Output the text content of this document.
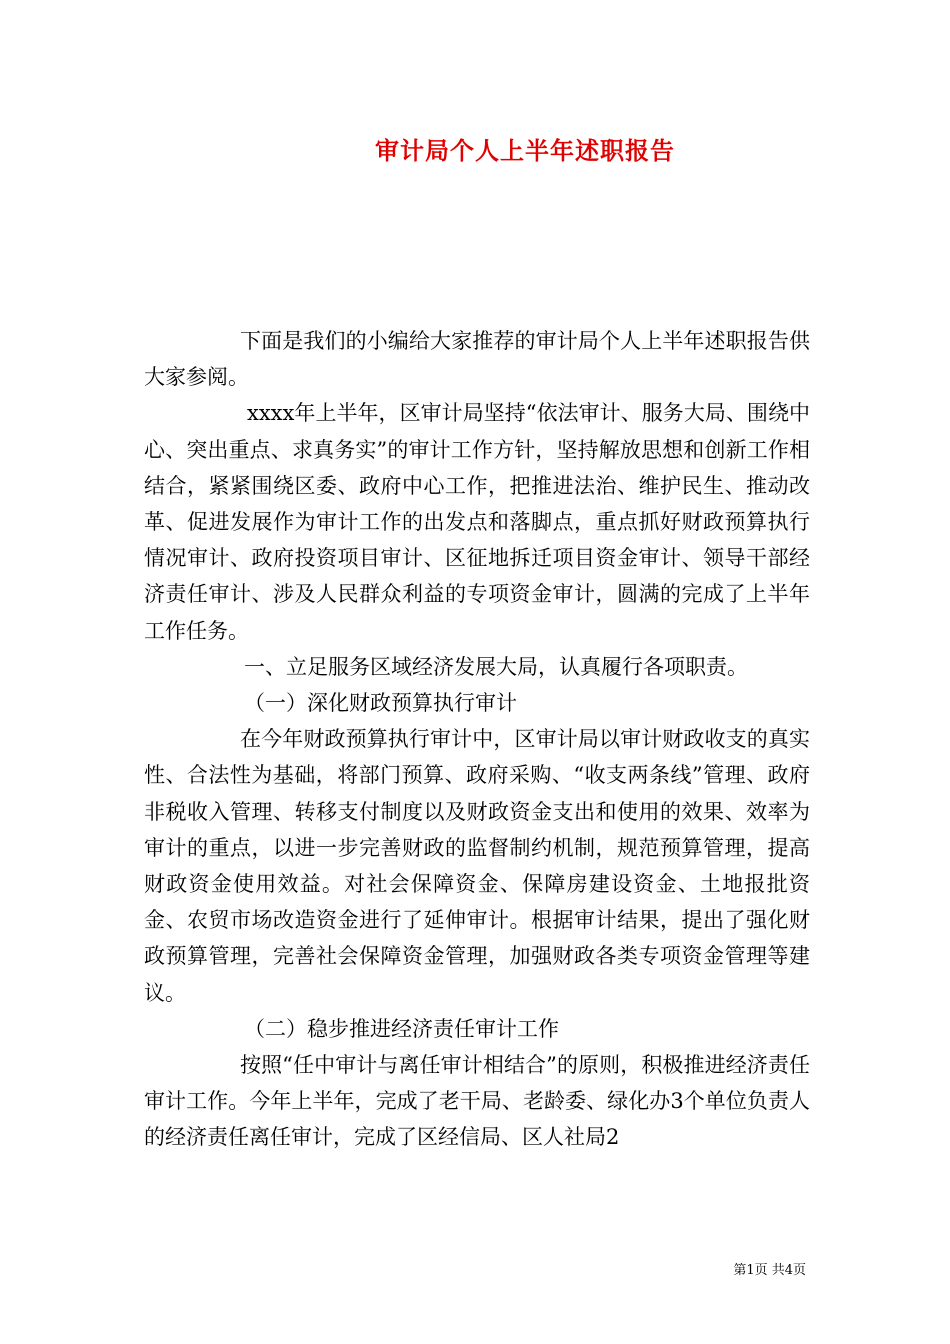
审计局个人上半年述职报告

下面是我们的小编给大家推荐的审计局个人上半年述职报告供大家参阅。

xxxx年上半年，区审计局坚持“依法审计、服务大局、围绕中心、突出重点、求真务实”的审计工作方针，坚持解放思想和创新工作相结合，紧紧围绕区委、政府中心工作，把推进法治、维护民生、推动改革、促进发展作为审计工作的出发点和落脚点，重点抓好财政预算执行情况审计、政府投资项目审计、区征地拆迁项目资金审计、领导干部经济责任审计、涉及人民群众利益的专项资金审计，圆满的完成了上半年工作任务。

一、立足服务区域经济发展大局，认真履行各项职责。

（一）深化财政预算执行审计

在今年财政预算执行审计中，区审计局以审计财政收支的真实性、合法性为基础，将部门预算、政府采购、“收支两条线”管理、政府非税收入管理、转移支付制度以及财政资金支出和使用的效果、效率为审计的重点，以进一步完善财政的监督制约机制，规范预算管理，提高财政资金使用效益。对社会保障资金、保障房建设资金、土地报批资金、农贸市场改造资金进行了延伸审计。根据审计结果，提出了强化财政预算管理，完善社会保障资金管理，加强财政各类专项资金管理等建议。

（二）稳步推进经济责任审计工作

按照“任中审计与离任审计相结合”的原则，积极推进经济责任审计工作。今年上半年，完成了老干局、老龄委、绿化办3个单位负责人的经济责任离任审计，完成了区经信局、区人社局2

第1页 共4页
